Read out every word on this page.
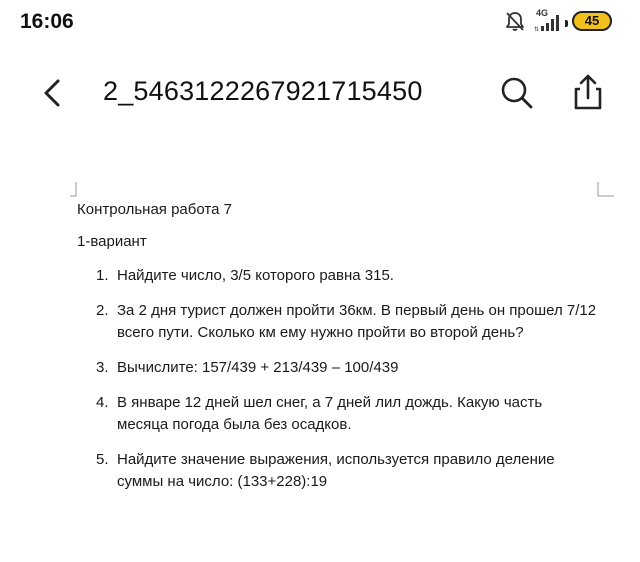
16:06	4G
⇅
45
2_5463122267921715450
Контрольная работа 7
1-вариант
1. Найдите число, 3/5 которого равна 315.
2. За 2 дня турист должен пройти 36км. В первый день он прошел 7/12 всего пути. Сколько км ему нужно пройти во второй день?
3. Вычислите: 157/439 + 213/439 – 100/439
4. В январе 12 дней шел снег, а 7 дней лил дождь. Какую часть месяца погода была без осадков.
5. Найдите значение выражения, используется правило деление суммы на число: (133+228):19
